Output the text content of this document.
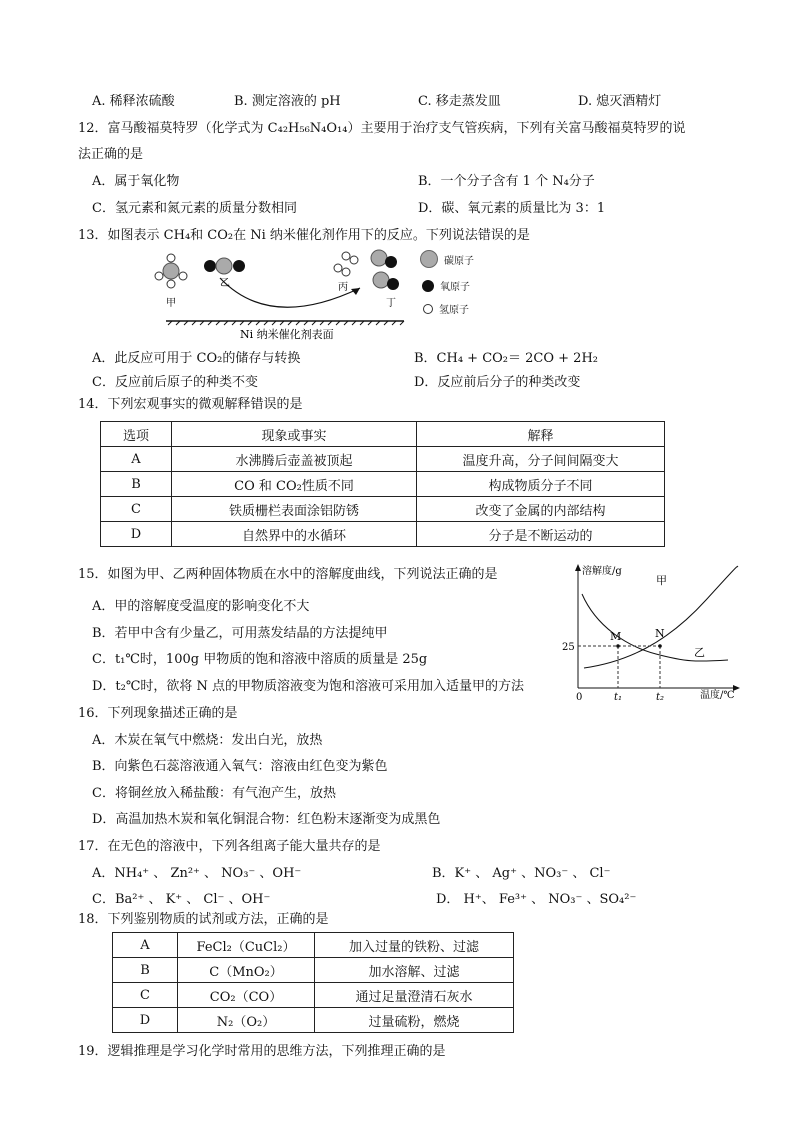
A. 稀释浓硫酸	B. 测定溶液的 pH	C. 移走蒸发皿	D. 熄灭酒精灯
12．富马酸福莫特罗（化学式为 C₄₂H₅₆N₄O₁₄）主要用于治疗支气管疾病，下列有关富马酸福莫特罗的说
法正确的是
A．属于氧化物	B．一个分子含有 1 个 N₄分子
C．氢元素和氮元素的质量分数相同	D．碳、氧元素的质量比为 3：1
13．如图表示 CH₄和 CO₂在 Ni 纳米催化剂作用下的反应。下列说法错误的是
甲
乙	丙
丁
Ni 纳米催化剂表面
碳原子
氧原子
氢原子
A．此反应可用于 CO₂的储存与转换	B．CH₄ + CO₂＝ 2CO + 2H₂
C．反应前后原子的种类不变	D．反应前后分子的种类改变
14．下列宏观事实的微观解释错误的是
选项	现象或事实	解释
A	水沸腾后壶盖被顶起	温度升高，分子间间隔变大
B	CO 和 CO₂性质不同	构成物质分子不同
C	铁质栅栏表面涂铝防锈	改变了金属的内部结构
D	自然界中的水循环	分子是不断运动的
15．如图为甲、乙两种固体物质在水中的溶解度曲线，下列说法正确的是
A．甲的溶解度受温度的影响变化不大
B．若甲中含有少量乙，可用蒸发结晶的方法提纯甲
C．t₁℃时，100g 甲物质的饱和溶液中溶质的质量是 25g
D．t₂℃时，欲将 N 点的甲物质溶液变为饱和溶液可采用加入适量甲的方法
溶解度/g
温度/℃
0
25
t₁	t₂
M	N
甲
乙
16．下列现象描述正确的是
A．木炭在氧气中燃烧：发出白光，放热
B．向紫色石蕊溶液通入氧气：溶液由红色变为紫色
C．将铜丝放入稀盐酸：有气泡产生，放热
D．高温加热木炭和氧化铜混合物：红色粉末逐渐变为成黑色
17．在无色的溶液中，下列各组离子能大量共存的是
A．NH₄⁺ 、 Zn²⁺ 、 NO₃⁻ 、OH⁻	B．K⁺ 、 Ag⁺ 、NO₃⁻ 、 Cl⁻
C．Ba²⁺ 、 K⁺ 、 Cl⁻ 、OH⁻	D． H⁺、 Fe³⁺ 、 NO₃⁻ 、SO₄²⁻
18．下列鉴别物质的试剂或方法，正确的是
A	FeCl₂（CuCl₂）	加入过量的铁粉、过滤
B	C（MnO₂）	加水溶解、过滤
C	CO₂（CO）	通过足量澄清石灰水
D	N₂（O₂）	过量硫粉，燃烧
19．逻辑推理是学习化学时常用的思维方法，下列推理正确的是
